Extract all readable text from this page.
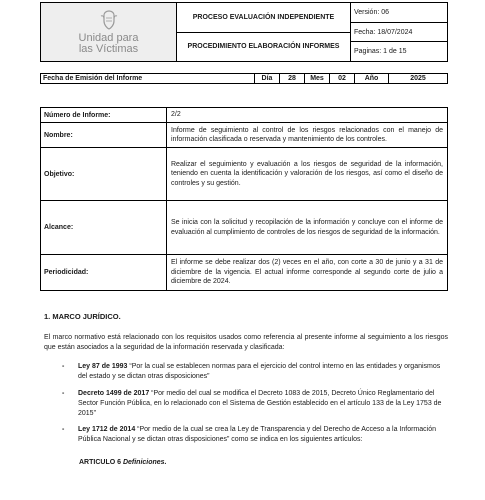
Unidad para
las Víctimas
PROCESO EVALUACIÓN INDEPENDIENTE
PROCEDIMIENTO ELABORACIÓN INFORMES
Versión: 06
Fecha: 18/07/2024
Paginas: 1 de 15
Fecha de Emisión del Informe	Día	28	Mes	02	Año	2025
Número de Informe:	2/2
Nombre:
Informe de seguimiento al control de los riesgos relacionados con el manejo de información clasificada o reservada y mantenimiento de los controles.
Objetivo:
Realizar el seguimiento y evaluación a los riesgos de seguridad de la información, teniendo en cuenta la identificación y valoración de los riesgos, así como el diseño de controles y su gestión.
Alcance:
Se inicia con la solicitud y recopilación de la información y concluye con el informe de evaluación al cumplimiento de controles de los riesgos de seguridad de la información.
Periodicidad:
El informe se debe realizar dos (2) veces en el año, con corte a 30 de junio y a 31 de diciembre de la vigencia. El actual informe corresponde al segundo corte de julio a diciembre de 2024.
1. MARCO JURÍDICO.
El marco normativo está relacionado con los requisitos usados como referencia al presente informe al seguimiento a los riesgos que están asociados a la seguridad de la información reservada y clasificada:
-	Ley 87 de 1993 “Por la cual se establecen normas para el ejercicio del control interno en las entidades y organismos del estado y se dictan otras disposiciones”
-	Decreto 1499 de 2017 “Por medio del cual se modifica el Decreto 1083 de 2015, Decreto Único Reglamentario del Sector Función Pública, en lo relacionado con el Sistema de Gestión establecido en el artículo 133 de la Ley 1753 de 2015”
-	Ley 1712 de 2014 “Por medio de la cual se crea la Ley de Transparencia y del Derecho de Acceso a la Información Pública Nacional y se dictan otras disposiciones” como se indica en los siguientes artículos:
ARTICULO 6 Definiciones.
